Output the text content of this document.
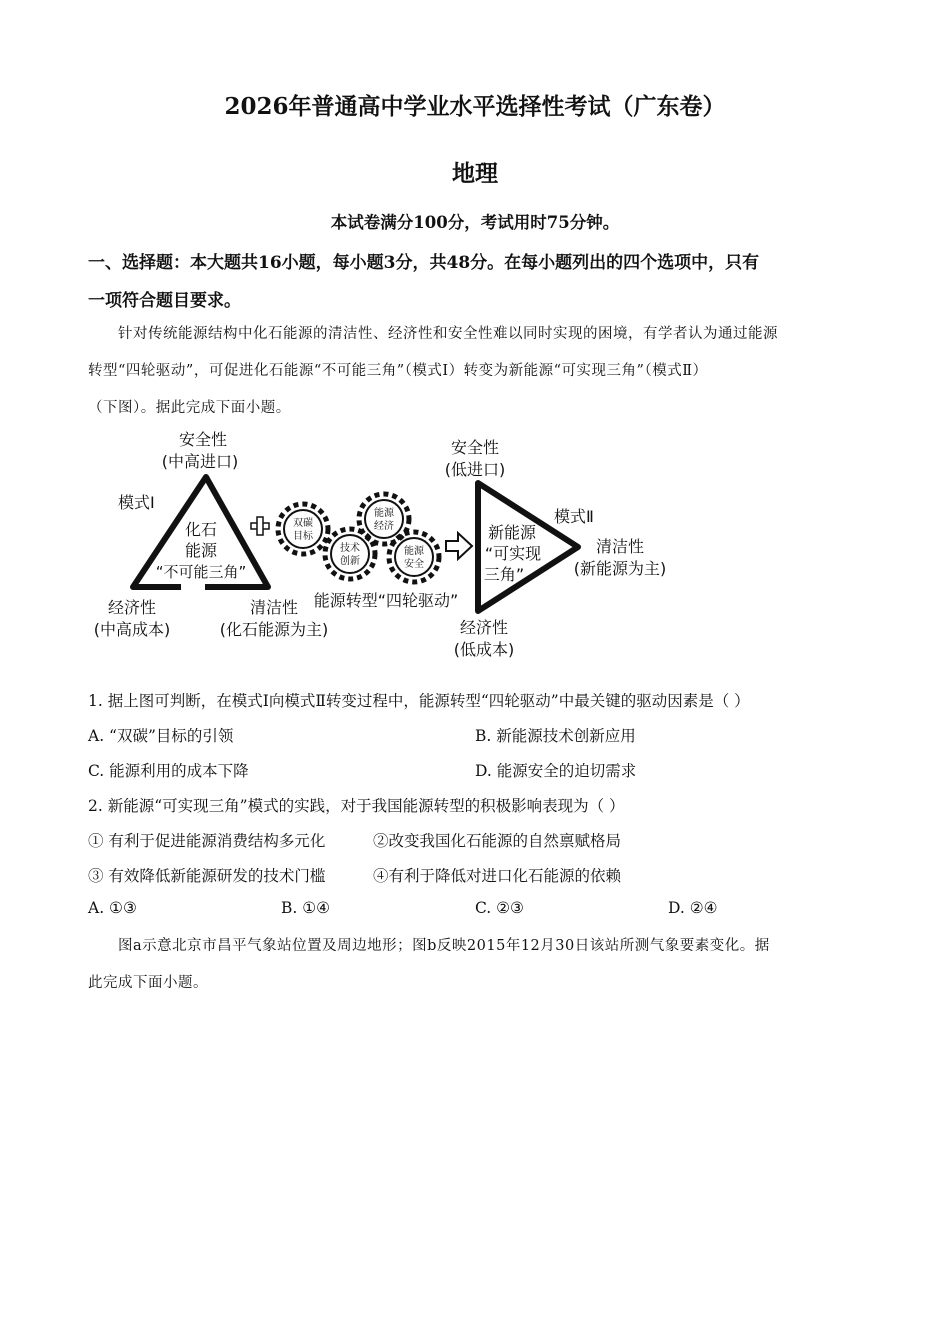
2026年普通高中学业水平选择性考试（广东卷）
地理
本试卷满分100分，考试用时75分钟。
一、选择题：本大题共16小题，每小题3分，共48分。在每小题列出的四个选项中，只有
一项符合题目要求。
针对传统能源结构中化石能源的清洁性、经济性和安全性难以同时实现的困境，有学者认为通过能源
转型“四轮驱动”，可促进化石能源“不可能三角”（模式Ⅰ）转变为新能源“可实现三角”（模式Ⅱ）
（下图）。据此完成下面小题。
安全性
(中高进口)
模式Ⅰ
化石
能源
“不可能三角”
经济性
(中高成本)
清洁性
(化石能源为主)
双碳
目标
技术
创新
能源
经济
能源
安全
能源转型“四轮驱动”
安全性
(低进口)
模式Ⅱ
新能源
“可实现
三角”
清洁性
(新能源为主)
经济性
(低成本)
1. 据上图可判断，在模式Ⅰ向模式Ⅱ转变过程中，能源转型“四轮驱动”中最关键的驱动因素是（ ）
A. “双碳”目标的引领	B. 新能源技术创新应用
C. 能源利用的成本下降	D. 能源安全的迫切需求
2. 新能源“可实现三角”模式的实践，对于我国能源转型的积极影响表现为（ ）
① 有利于促进能源消费结构多元化	②改变我国化石能源的自然禀赋格局
③ 有效降低新能源研发的技术门槛	④有利于降低对进口化石能源的依赖
A. ①③	B. ①④	C. ②③	D. ②④
图a示意北京市昌平气象站位置及周边地形；图b反映2015年12月30日该站所测气象要素变化。据
此完成下面小题。
